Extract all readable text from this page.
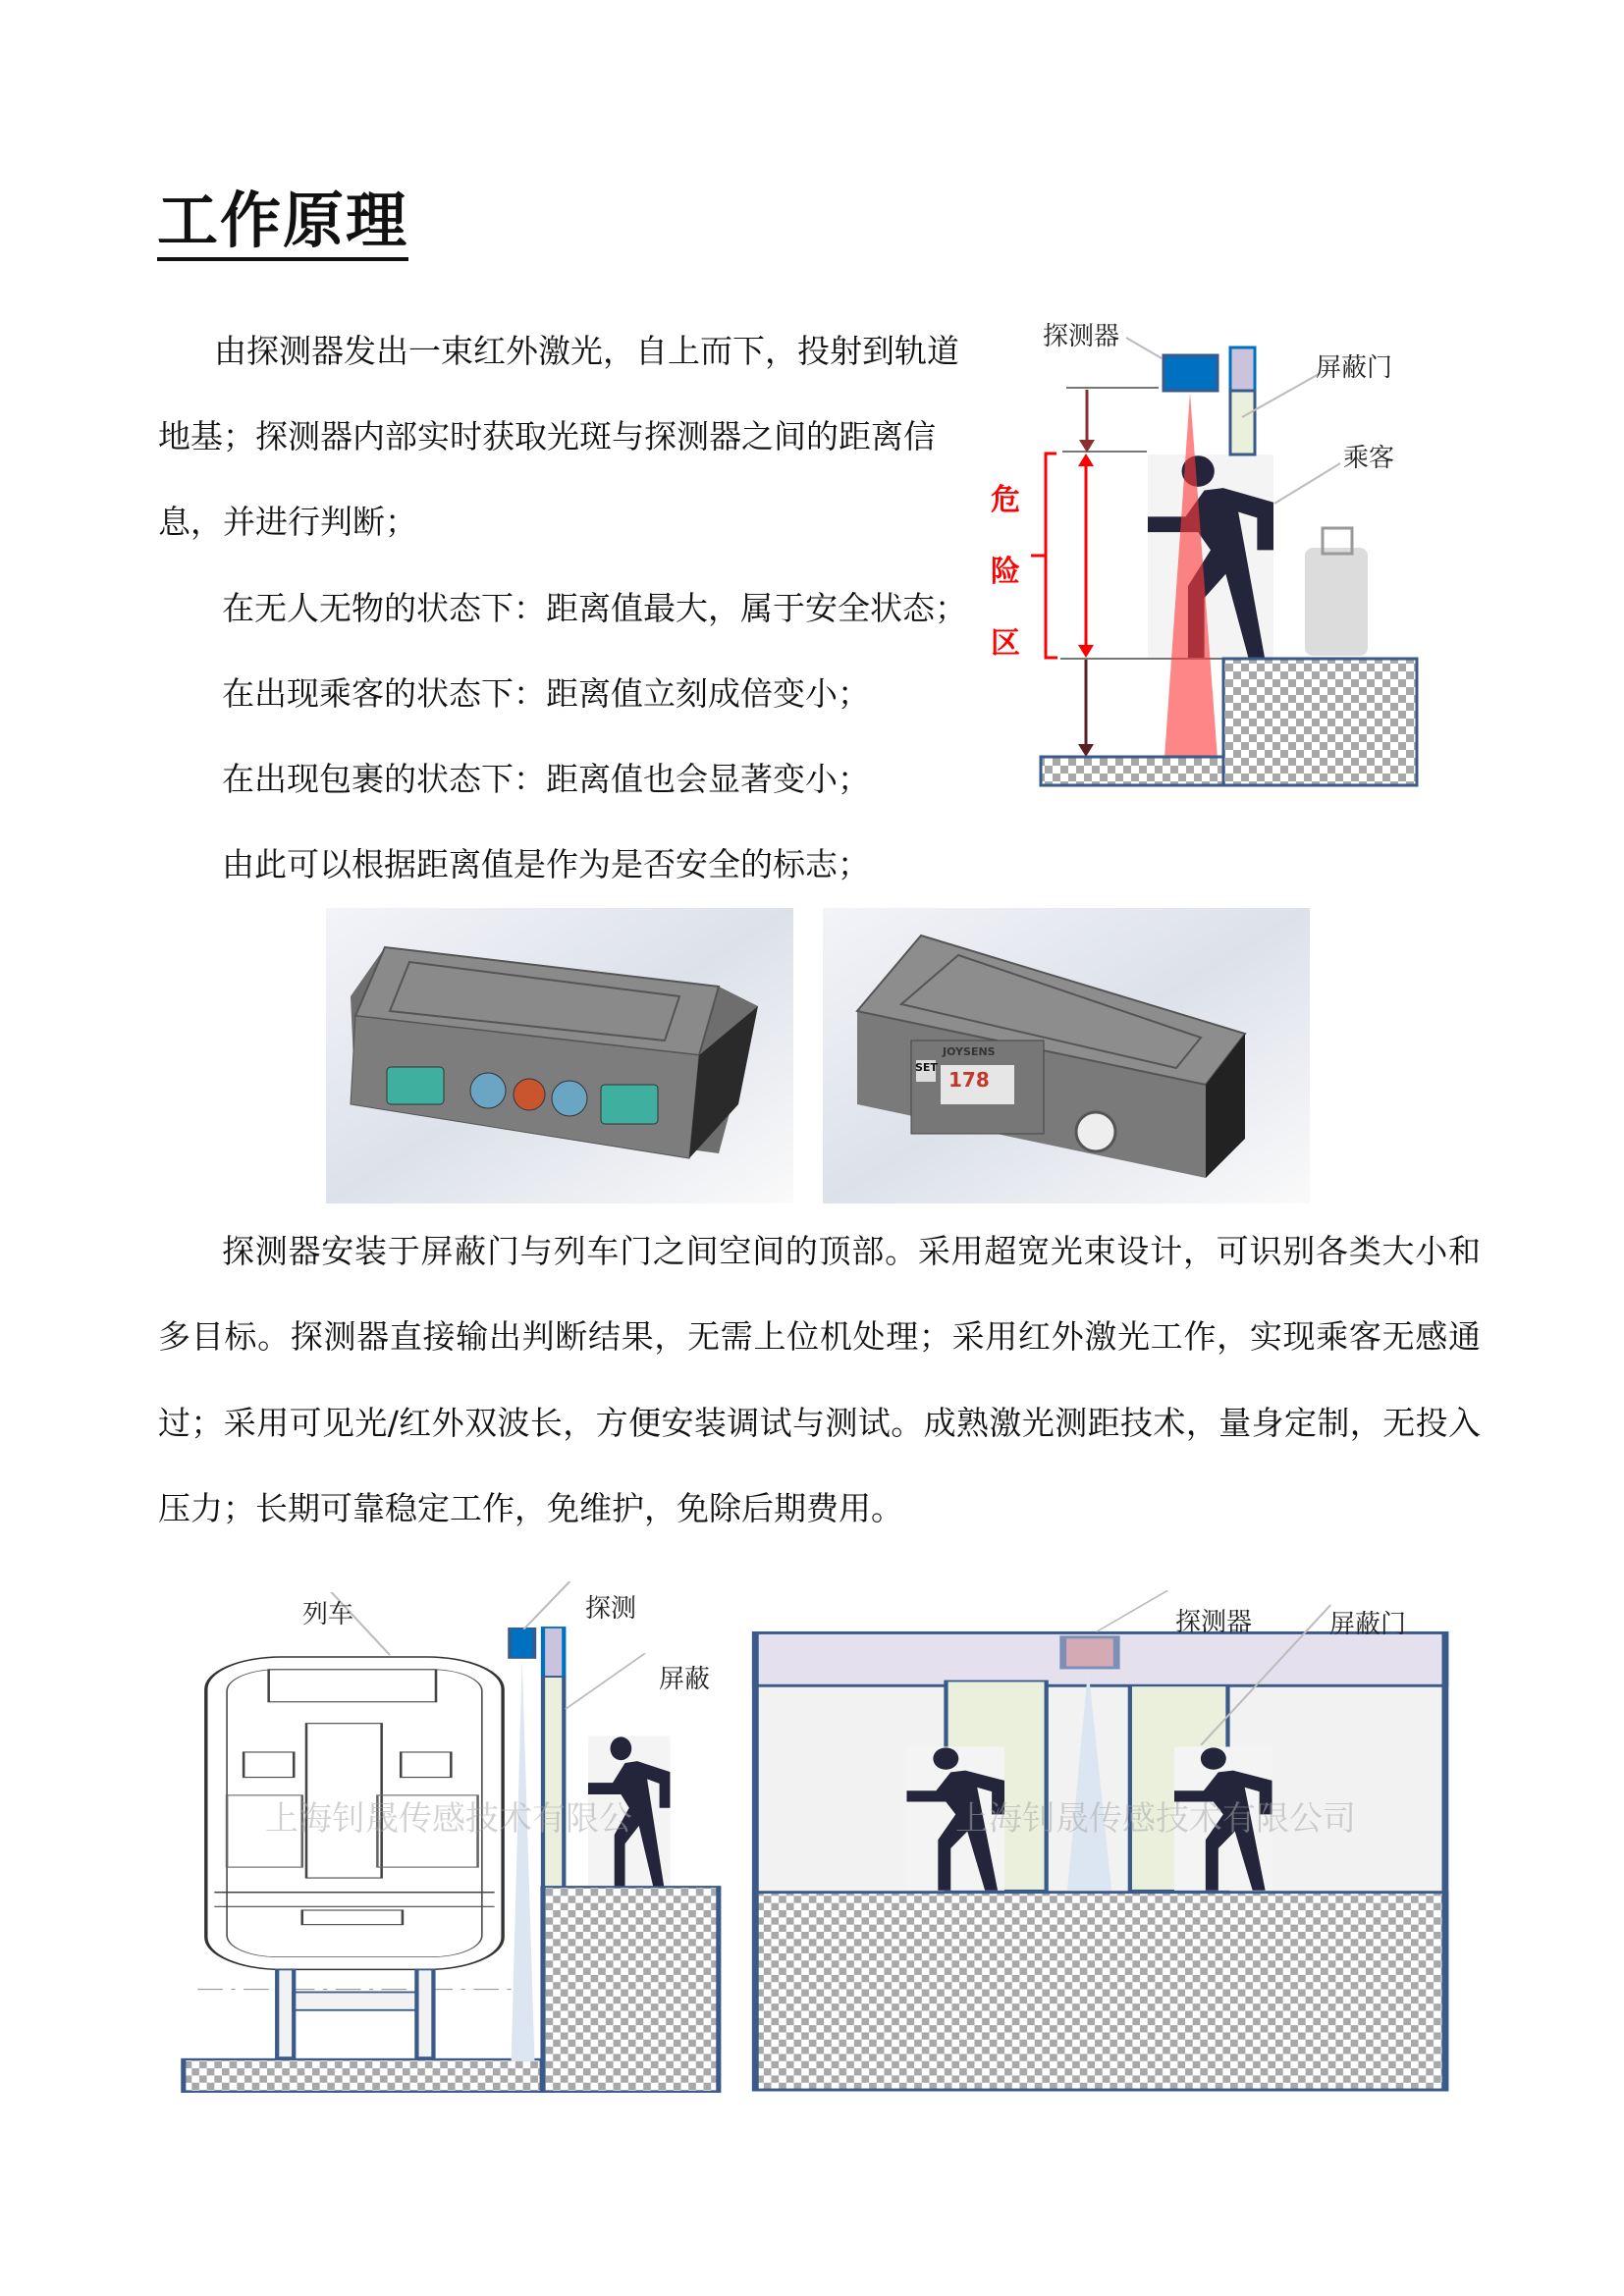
工作原理
由探测器发出一束红外激光，自上而下，投射到轨道
地基；探测器内部实时获取光斑与探测器之间的距离信
息，并进行判断；
在无人无物的状态下：距离值最大，属于安全状态；
在出现乘客的状态下：距离值立刻成倍变小；
在出现包裹的状态下：距离值也会显著变小；
由此可以根据距离值是作为是否安全的标志；
探测器
屏蔽门
乘客
危
险
区
SET
JOYSENS
178
探测器安装于屏蔽门与列车门之间空间的顶部。采用超宽光束设计，可识别各类大小和
多目标。探测器直接输出判断结果，无需上位机处理；采用红外激光工作，实现乘客无感通
过；采用可见光/红外双波长，方便安装调试与测试。成熟激光测距技术，量身定制，无投入
压力；长期可靠稳定工作，免维护，免除后期费用。
列车	探测
屏蔽
探测器	屏蔽门
上海钊晟传感技术有限公	上海钊晟传感技术有限公司
